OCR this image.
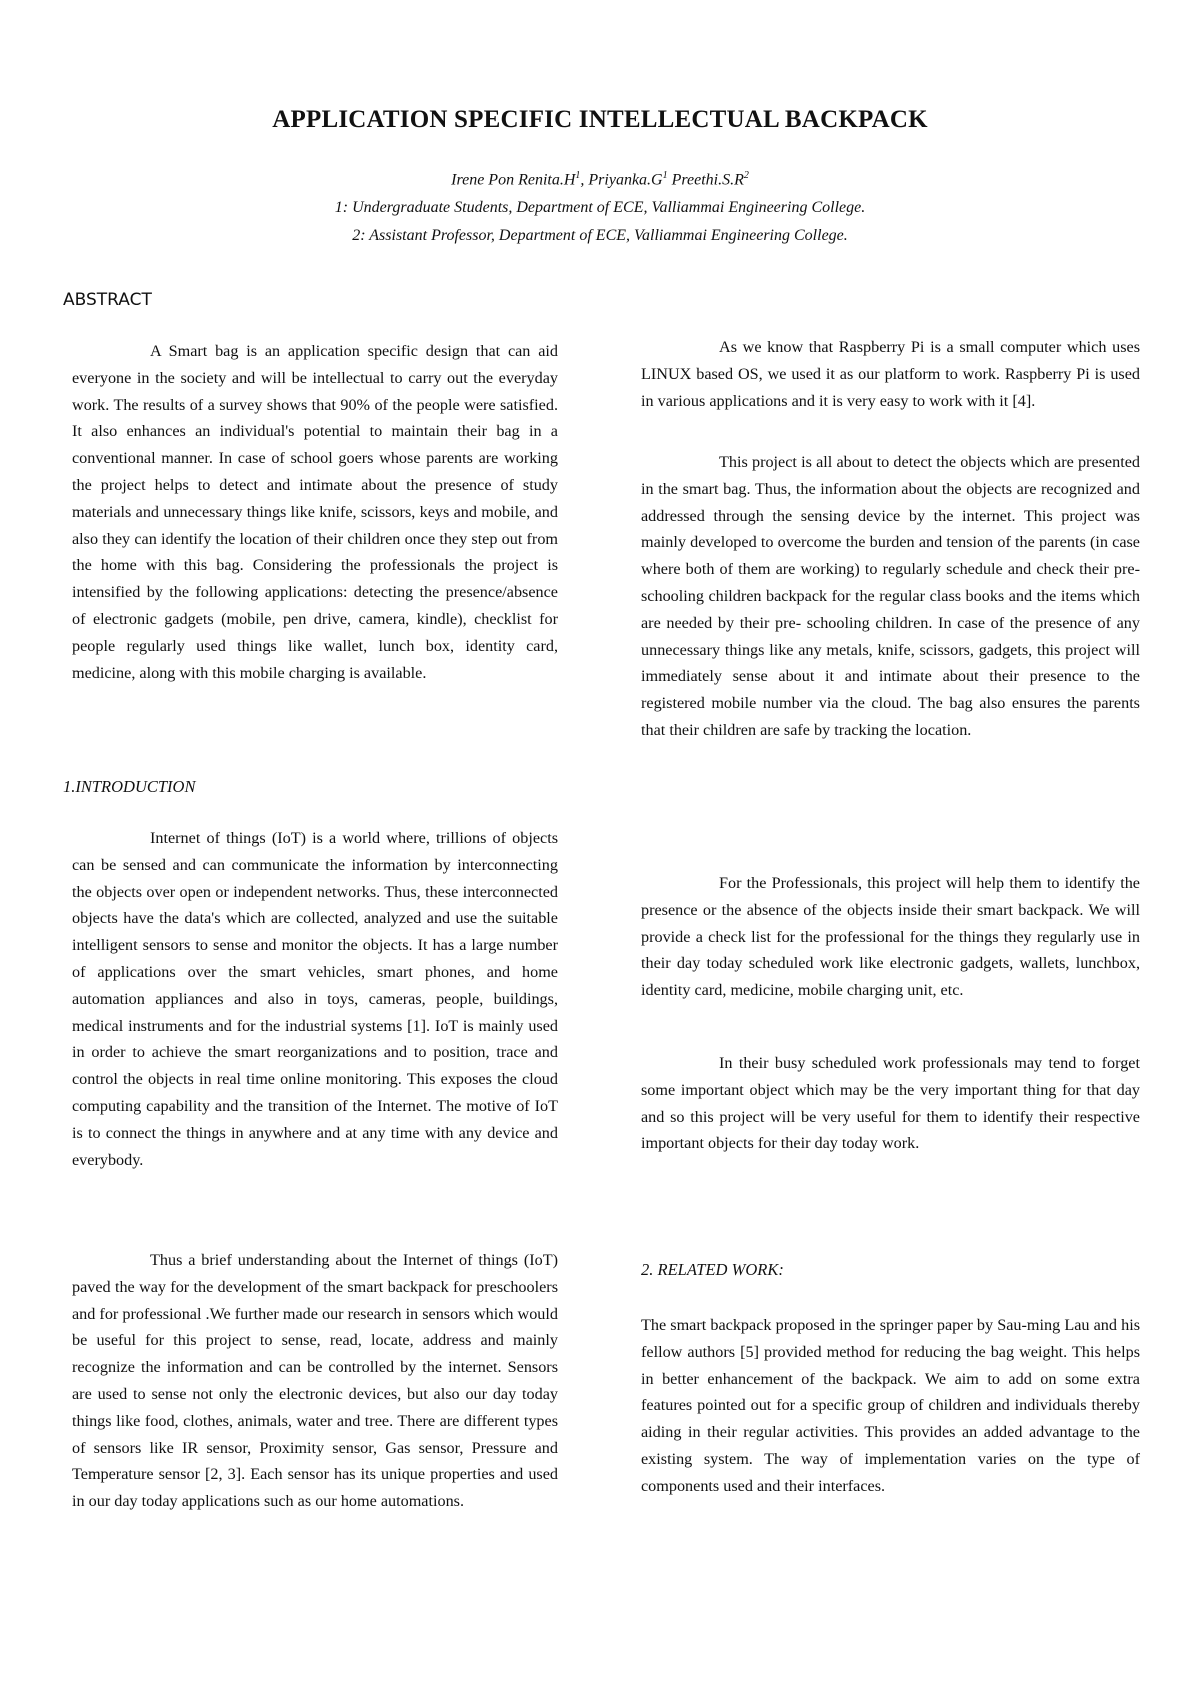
APPLICATION SPECIFIC INTELLECTUAL BACKPACK
Irene Pon $Renita.H^1$, $Priyanka.G^1$ $Preethi.S.R^2$
1: Undergraduate Students, Department of ECE, Valliammai Engineering College.
2: Assistant Professor, Department of ECE, Valliammai Engineering College.
ABSTRACT

A Smart bag is an application specific design that can aid everyone in the society and will be intellectual to carry out the everyday work. The results of a survey shows that 90% of the people were satisfied. It also enhances an individual's potential to maintain their bag in a conventional manner. In case of school goers whose parents are working the project helps to detect and intimate about the presence of study materials and unnecessary things like knife, scissors, keys and mobile, and also they can identify the location of their children once they step out from the home with this bag. Considering the professionals the project is intensified by the following applications: detecting the presence/absence of electronic gadgets (mobile, pen drive, camera, kindle), checklist for people regularly used things like wallet, lunch box, identity card, medicine, along with this mobile charging is available.

1.INTRODUCTION

Internet of things (IoT) is a world where, trillions of objects can be sensed and can communicate the information by interconnecting the objects over open or independent networks. Thus, these interconnected objects have the data's which are collected, analyzed and use the suitable intelligent sensors to sense and monitor the objects. It has a large number of applications over the smart vehicles, smart phones, and home automation appliances and also in toys, cameras, people, buildings, medical instruments and for the industrial systems [1]. IoT is mainly used in order to achieve the smart reorganizations and to position, trace and control the objects in real time online monitoring. This exposes the cloud computing capability and the transition of the Internet. The motive of IoT is to connect the things in anywhere and at any time with any device and everybody.

Thus a brief understanding about the Internet of things (IoT) paved the way for the development of the smart backpack for preschoolers and for professional .We further made our research in sensors which would be useful for this project to sense, read, locate, address and mainly recognize the information and can be controlled by the internet. Sensors are used to sense not only the electronic devices, but also our day today things like food, clothes, animals, water and tree. There are different types of sensors like IR sensor, Proximity sensor, Gas sensor, Pressure and Temperature sensor [2, 3]. Each sensor has its unique properties and used in our day today applications such as our home automations.

As we know that Raspberry Pi is a small computer which uses LINUX based OS, we used it as our platform to work. Raspberry Pi is used in various applications and it is very easy to work with it [4].

This project is all about to detect the objects which are presented in the smart bag. Thus, the information about the objects are recognized and addressed through the sensing device by the internet. This project was mainly developed to overcome the burden and tension of the parents (in case where both of them are working) to regularly schedule and check their pre-schooling children backpack for the regular class books and the items which are needed by their pre- schooling children. In case of the presence of any unnecessary things like any metals, knife, scissors, gadgets, this project will immediately sense about it and intimate about their presence to the registered mobile number via the cloud. The bag also ensures the parents that their children are safe by tracking the location.

For the Professionals, this project will help them to identify the presence or the absence of the objects inside their smart backpack. We will provide a check list for the professional for the things they regularly use in their day today scheduled work like electronic gadgets, wallets, lunchbox, identity card, medicine, mobile charging unit, etc.

In their busy scheduled work professionals may tend to forget some important object which may be the very important thing for that day and so this project will be very useful for them to identify their respective important objects for their day today work.

2. RELATED WORK:

The smart backpack proposed in the springer paper by Sau-ming Lau and his fellow authors [5] provided method for reducing the bag weight. This helps in better enhancement of the backpack. We aim to add on some extra features pointed out for a specific group of children and individuals thereby aiding in their regular activities. This provides an added advantage to the existing system. The way of implementation varies on the type of components used and their interfaces.
